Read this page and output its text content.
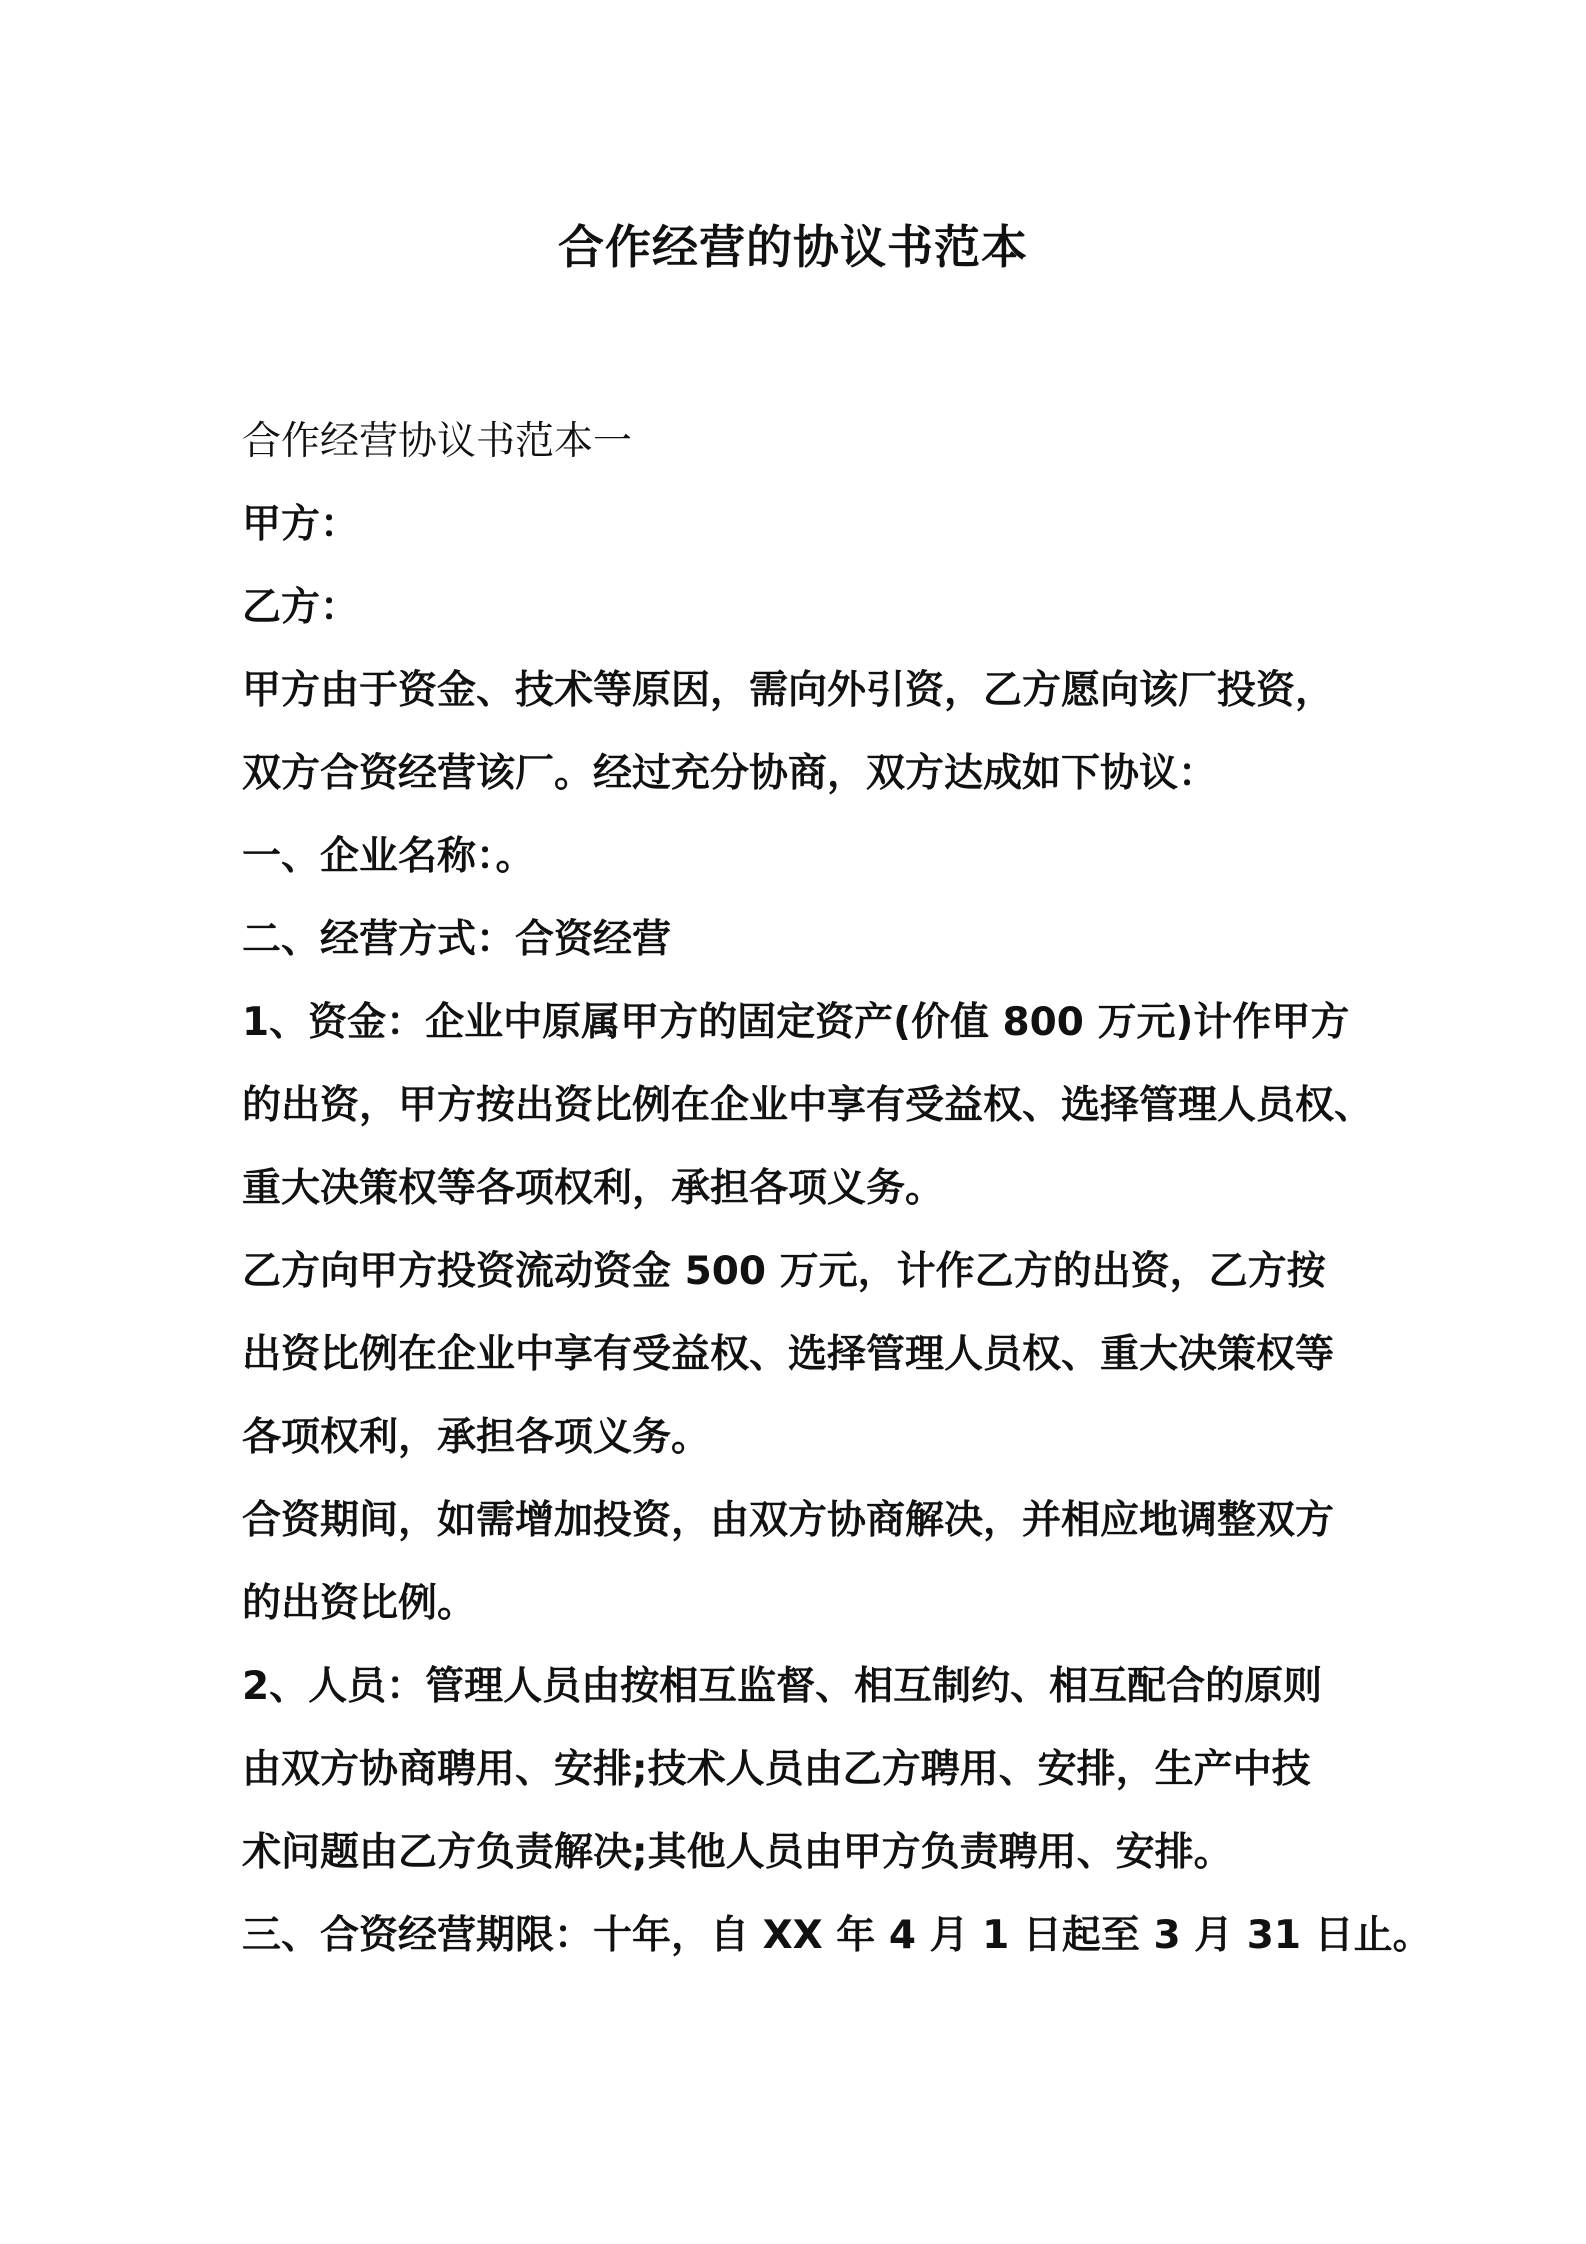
合作经营的协议书范本
合作经营协议书范本一
甲方：
乙方：
甲方由于资金、技术等原因，需向外引资，乙方愿向该厂投资，
双方合资经营该厂。经过充分协商，双方达成如下协议：
一、企业名称：。
二、经营方式：合资经营
1、资金：企业中原属甲方的固定资产(价值 800 万元)计作甲方
的出资，甲方按出资比例在企业中享有受益权、选择管理人员权、
重大决策权等各项权利，承担各项义务。
乙方向甲方投资流动资金 500 万元，计作乙方的出资，乙方按
出资比例在企业中享有受益权、选择管理人员权、重大决策权等
各项权利，承担各项义务。
合资期间，如需增加投资，由双方协商解决，并相应地调整双方
的出资比例。
2、人员：管理人员由按相互监督、相互制约、相互配合的原则
由双方协商聘用、安排;技术人员由乙方聘用、安排，生产中技
术问题由乙方负责解决;其他人员由甲方负责聘用、安排。
三、合资经营期限：十年，自 XX 年 4 月 1 日起至 3 月 31 日止。
